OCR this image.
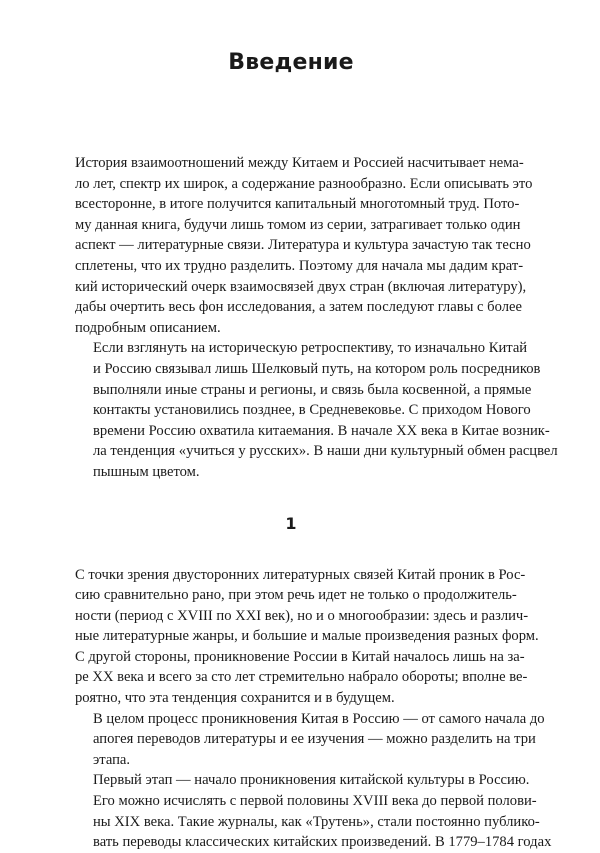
Введение

История взаимоотношений между Китаем и Россией насчитывает нема-
ло лет, спектр их широк, а содержание разнообразно. Если описывать это
всесторонне, в итоге получится капитальный многотомный труд. Пото-
му данная книга, будучи лишь томом из серии, затрагивает только один
аспект — литературные связи. Литература и культура зачастую так тесно
сплетены, что их трудно разделить. Поэтому для начала мы дадим крат-
кий исторический очерк взаимосвязей двух стран (включая литературу),
дабы очертить весь фон исследования, а затем последуют главы с более
подробным описанием.

Если взглянуть на историческую ретроспективу, то изначально Китай
и Россию связывал лишь Шелковый путь, на котором роль посредников
выполняли иные страны и регионы, и связь была косвенной, а прямые
контакты установились позднее, в Средневековье. С приходом Нового
времени Россию охватила китаемания. В начале XX века в Китае возник-
ла тенденция «учиться у русских». В наши дни культурный обмен расцвел
пышным цветом.

1

С точки зрения двусторонних литературных связей Китай проник в Рос-
сию сравнительно рано, при этом речь идет не только о продолжитель-
ности (период с XVIII по XXI век), но и о многообразии: здесь и различ-
ные литературные жанры, и большие и малые произведения разных форм.
С другой стороны, проникновение России в Китай началось лишь на за-
ре XX века и всего за сто лет стремительно набрало обороты; вполне ве-
роятно, что эта тенденция сохранится и в будущем.

В целом процесс проникновения Китая в Россию — от самого начала до
апогея переводов литературы и ее изучения — можно разделить на три
этапа.

Первый этап — начало проникновения китайской культуры в Россию.
Его можно исчислять с первой половины XVIII века до первой полови-
ны XIX века. Такие журналы, как «Трутень», стали постоянно публико-
вать переводы классических китайских произведений. В 1779–1784 годах
